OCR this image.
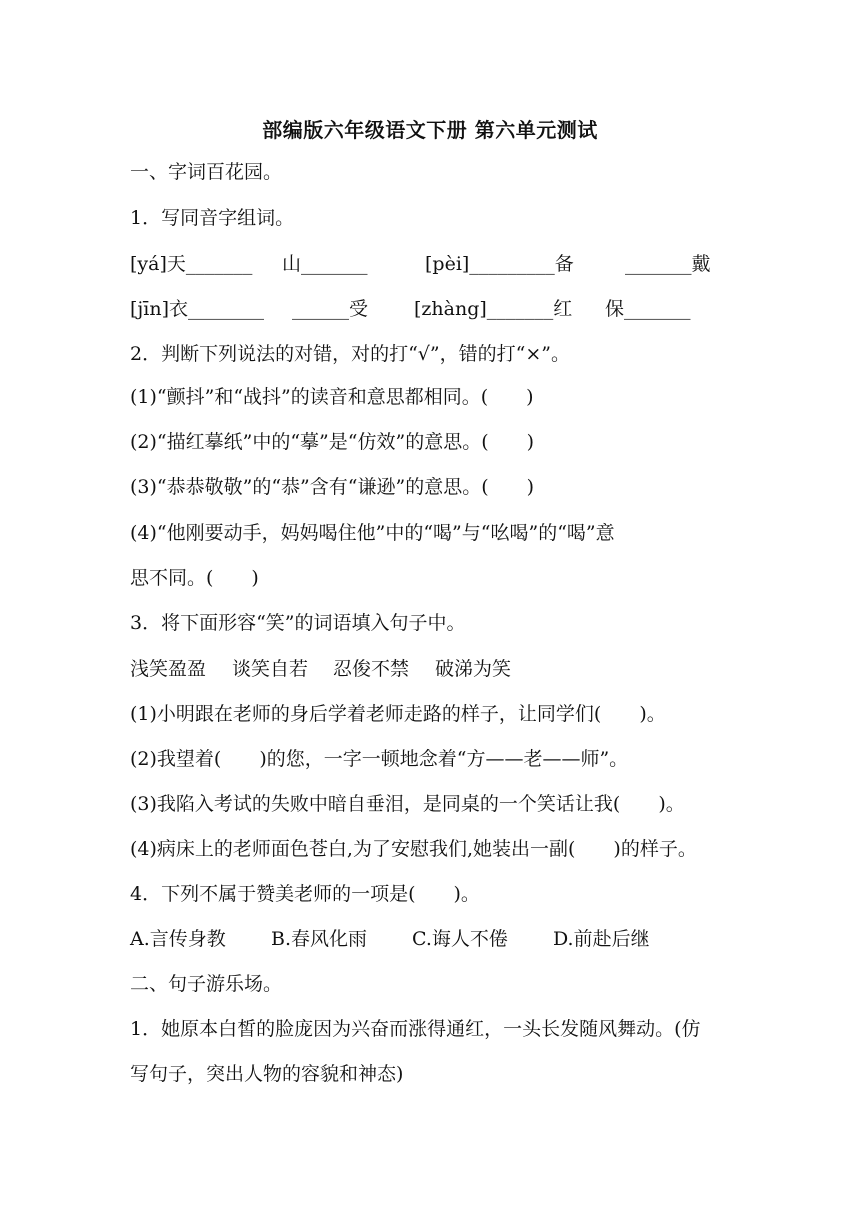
部编版六年级语文下册 第六单元测试
一、字词百花园。
1．写同音字组词。
[yá]天_______ 山_______	[pèi]_________备	_______戴
[jīn]衣________ ______受 [zhàng]_______红 保_______
2．判断下列说法的对错，对的打“√”，错的打“×”。
(1)“颤抖”和“战抖”的读音和意思都相同。(　　)
(2)“描红摹纸”中的“摹”是“仿效”的意思。(　　)
(3)“恭恭敬敬”的“恭”含有“谦逊”的意思。(　　)
(4)“他刚要动手，妈妈喝住他”中的“喝”与“吆喝”的“喝”意
思不同。(　　)
3．将下面形容“笑”的词语填入句子中。
浅笑盈盈 谈笑自若 忍俊不禁 破涕为笑
(1)小明跟在老师的身后学着老师走路的样子，让同学们(　　)。
(2)我望着(　　)的您，一字一顿地念着“方——老——师”。
(3)我陷入考试的失败中暗自垂泪，是同桌的一个笑话让我(　　)。
(4)病床上的老师面色苍白,为了安慰我们,她装出一副(　　)的样子。
4．下列不属于赞美老师的一项是(　　)。
A.言传身教 B.春风化雨 C.诲人不倦 D.前赴后继
二、句子游乐场。
1．她原本白皙的脸庞因为兴奋而涨得通红，一头长发随风舞动。(仿
写句子，突出人物的容貌和神态)
